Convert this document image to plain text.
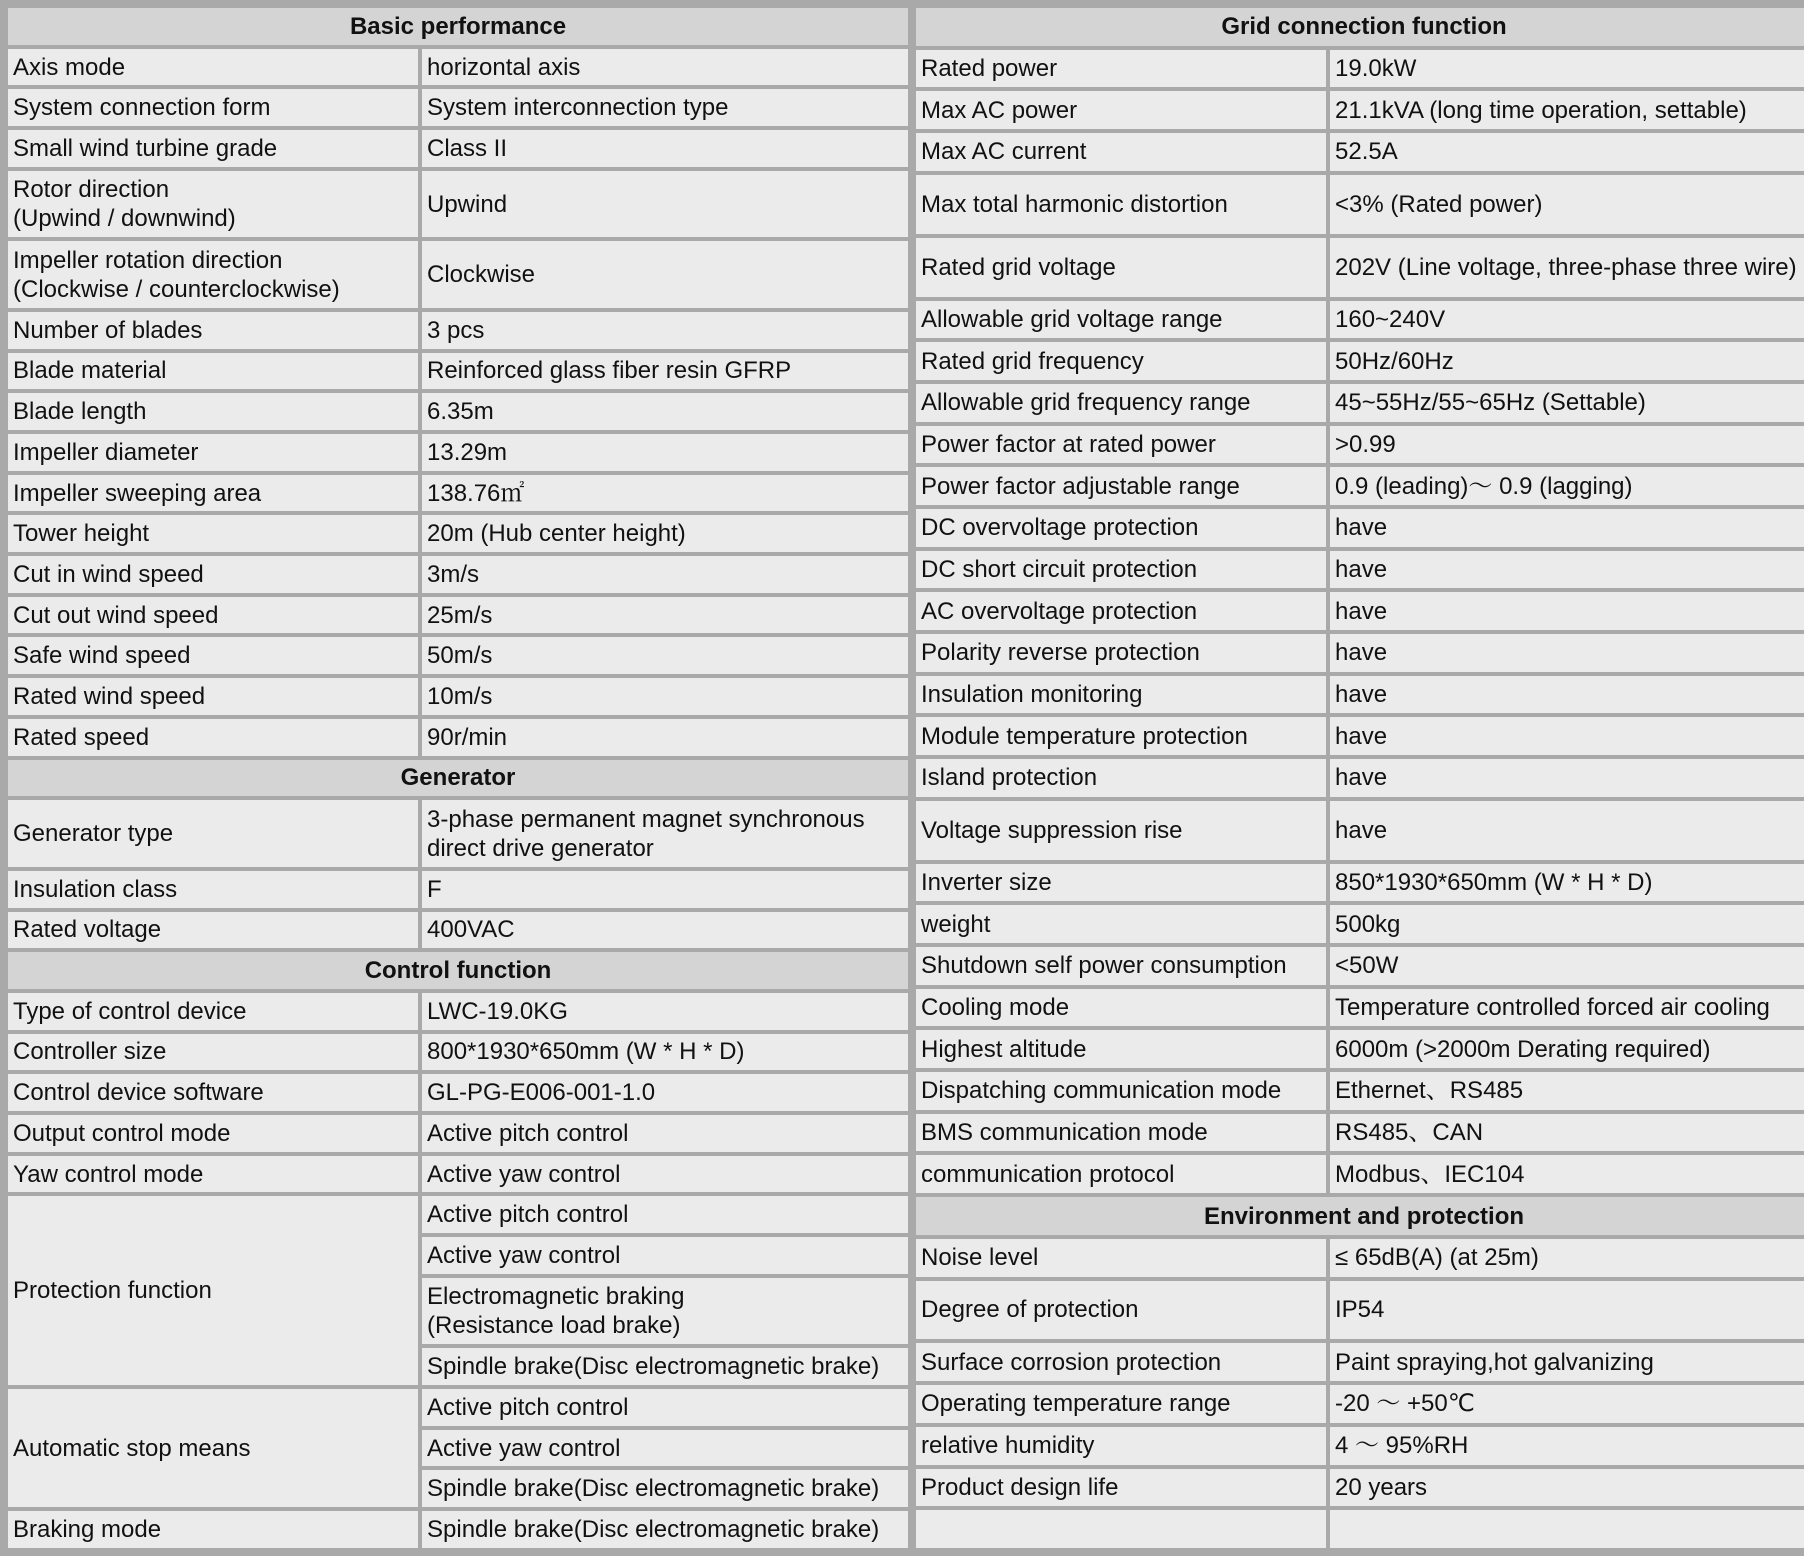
Basic performance	
Axis mode	horizontal axis
System connection form	System interconnection type
Small wind turbine grade	Class II
Rotor direction
(Upwind / downwind)	Upwind
Impeller rotation direction
(Clockwise / counterclockwise)	Clockwise
Number of blades	3 pcs
Blade material	Reinforced glass fiber resin GFRP
Blade length	6.35m
Impeller diameter	13.29m
Impeller sweeping area	138.76㎡
Tower height	20m (Hub center height)
Cut in wind speed	3m/s
Cut out wind speed	25m/s
Safe wind speed	50m/s
Rated wind speed	10m/s
Rated speed	90r/min
Generator	
Generator type	3-phase permanent magnet synchronous
direct drive generator
Insulation class	F
Rated voltage	400VAC
Control function	
Type of control device	LWC-19.0KG
Controller size	800*1930*650mm (W * H * D)
Control device software	GL-PG-E006-001-1.0
Output control mode	Active pitch control
Yaw control mode	Active yaw control
Protection function	Active pitch control
	Active yaw control
	Electromagnetic braking
(Resistance load brake)
	Spindle brake(Disc electromagnetic brake)
Automatic stop means	Active pitch control
	Active yaw control
	Spindle brake(Disc electromagnetic brake)
Braking mode	Spindle brake(Disc electromagnetic brake)
Grid connection function	
Rated power	19.0kW
Max AC power	21.1kVA (long time operation, settable)
Max AC current	52.5A
Max total harmonic distortion	<3% (Rated power)
Rated grid voltage	202V (Line voltage, three-phase three wire)
Allowable grid voltage range	160~240V
Rated grid frequency	50Hz/60Hz
Allowable grid frequency range	45~55Hz/55~65Hz (Settable)
Power factor at rated power	>0.99
Power factor adjustable range	0.9 (leading)～ 0.9 (lagging)
DC overvoltage protection	have
DC short circuit protection	have
AC overvoltage protection	have
Polarity reverse protection	have
Insulation monitoring	have
Module temperature protection	have
Island protection	have
Voltage suppression rise	have
Inverter size	850*1930*650mm (W * H * D)
weight	500kg
Shutdown self power consumption	<50W
Cooling mode	Temperature controlled forced air cooling
Highest altitude	6000m (>2000m Derating required)
Dispatching communication mode	Ethernet、RS485
BMS communication mode	RS485、CAN
communication protocol	Modbus、IEC104
Environment and protection	
Noise level	≤ 65dB(A) (at 25m)
Degree of protection	IP54
Surface corrosion protection	Paint spraying,hot galvanizing
Operating temperature range	-20 ～ +50℃
relative humidity	4 ～ 95%RH
Product design life	20 years
